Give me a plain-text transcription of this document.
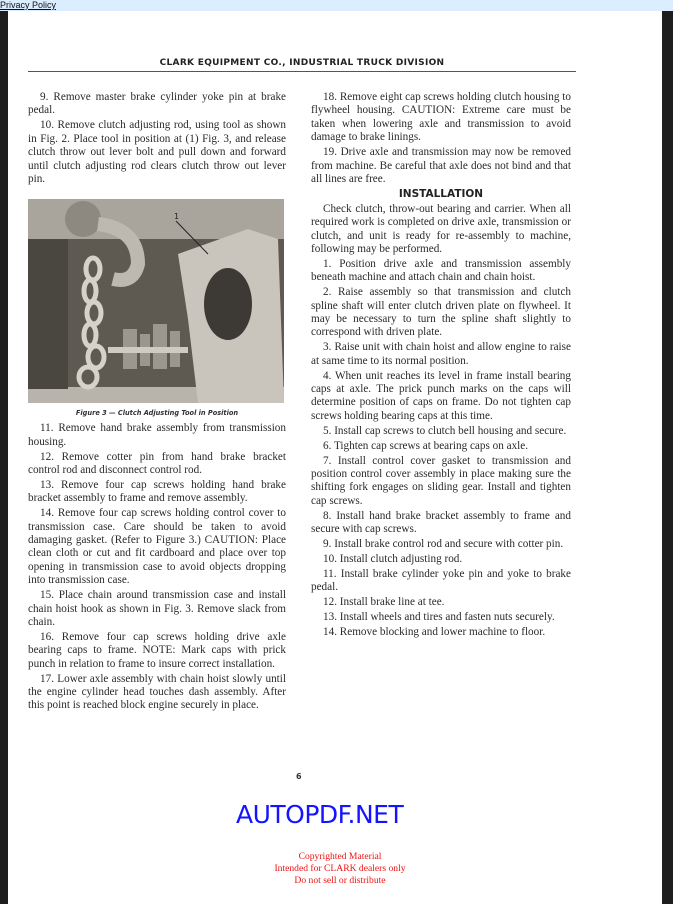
Privacy Policy
CLARK EQUIPMENT CO., INDUSTRIAL TRUCK DIVISION

9. Remove master brake cylinder yoke pin at brake pedal.

10. Remove clutch adjusting rod, using tool as shown in Fig. 2. Place tool in position at (1) Fig. 3, and release clutch throw out lever bolt and pull down and forward until clutch adjusting rod clears clutch throw out lever pin.

1

Figure 3 — Clutch Adjusting Tool in Position

11. Remove hand brake assembly from transmission housing.

12. Remove cotter pin from hand brake bracket control rod and disconnect control rod.

13. Remove four cap screws holding hand brake bracket assembly to frame and remove assembly.

14. Remove four cap screws holding control cover to transmission case. Care should be taken to avoid damaging gasket. (Refer to Figure 3.) CAUTION: Place clean cloth or cut and fit cardboard and place over top opening in transmission case to avoid objects dropping into transmission case.

15. Place chain around transmission case and install chain hoist hook as shown in Fig. 3. Remove slack from chain.

16. Remove four cap screws holding drive axle bearing caps to frame. NOTE: Mark caps with prick punch in relation to frame to insure correct installation.

17. Lower axle assembly with chain hoist slowly until the engine cylinder head touches dash assembly. After this point is reached block engine securely in place.

18. Remove eight cap screws holding clutch housing to flywheel housing. CAUTION: Extreme care must be taken when lowering axle and transmission to avoid damage to brake linings.

19. Drive axle and transmission may now be removed from machine. Be careful that axle does not bind and that all lines are free.

INSTALLATION

Check clutch, throw-out bearing and carrier. When all required work is completed on drive axle, transmission or clutch, and unit is ready for re-assembly to machine, following may be performed.

1. Position drive axle and transmission assembly beneath machine and attach chain and chain hoist.

2. Raise assembly so that transmission and clutch spline shaft will enter clutch driven plate on flywheel. It may be necessary to turn the spline shaft slightly to correspond with driven plate.

3. Raise unit with chain hoist and allow engine to raise at same time to its normal position.

4. When unit reaches its level in frame install bearing caps at axle. The prick punch marks on the caps will determine position of caps on frame. Do not tighten cap screws holding bearing caps at this time.

5. Install cap screws to clutch bell housing and secure.

6. Tighten cap screws at bearing caps on axle.

7. Install control cover gasket to transmission and position control cover assembly in place making sure the shifting fork engages on sliding gear. Install and tighten cap screws.

8. Install hand brake bracket assembly to frame and secure with cap screws.

9. Install brake control rod and secure with cotter pin.

10. Install clutch adjusting rod.

11. Install brake cylinder yoke pin and yoke to brake pedal.

12. Install brake line at tee.

13. Install wheels and tires and fasten nuts securely.

14. Remove blocking and lower machine to floor.

6
AUTOPDF.NET
Copyrighted Material
Intended for CLARK dealers only
Do not sell or distribute
